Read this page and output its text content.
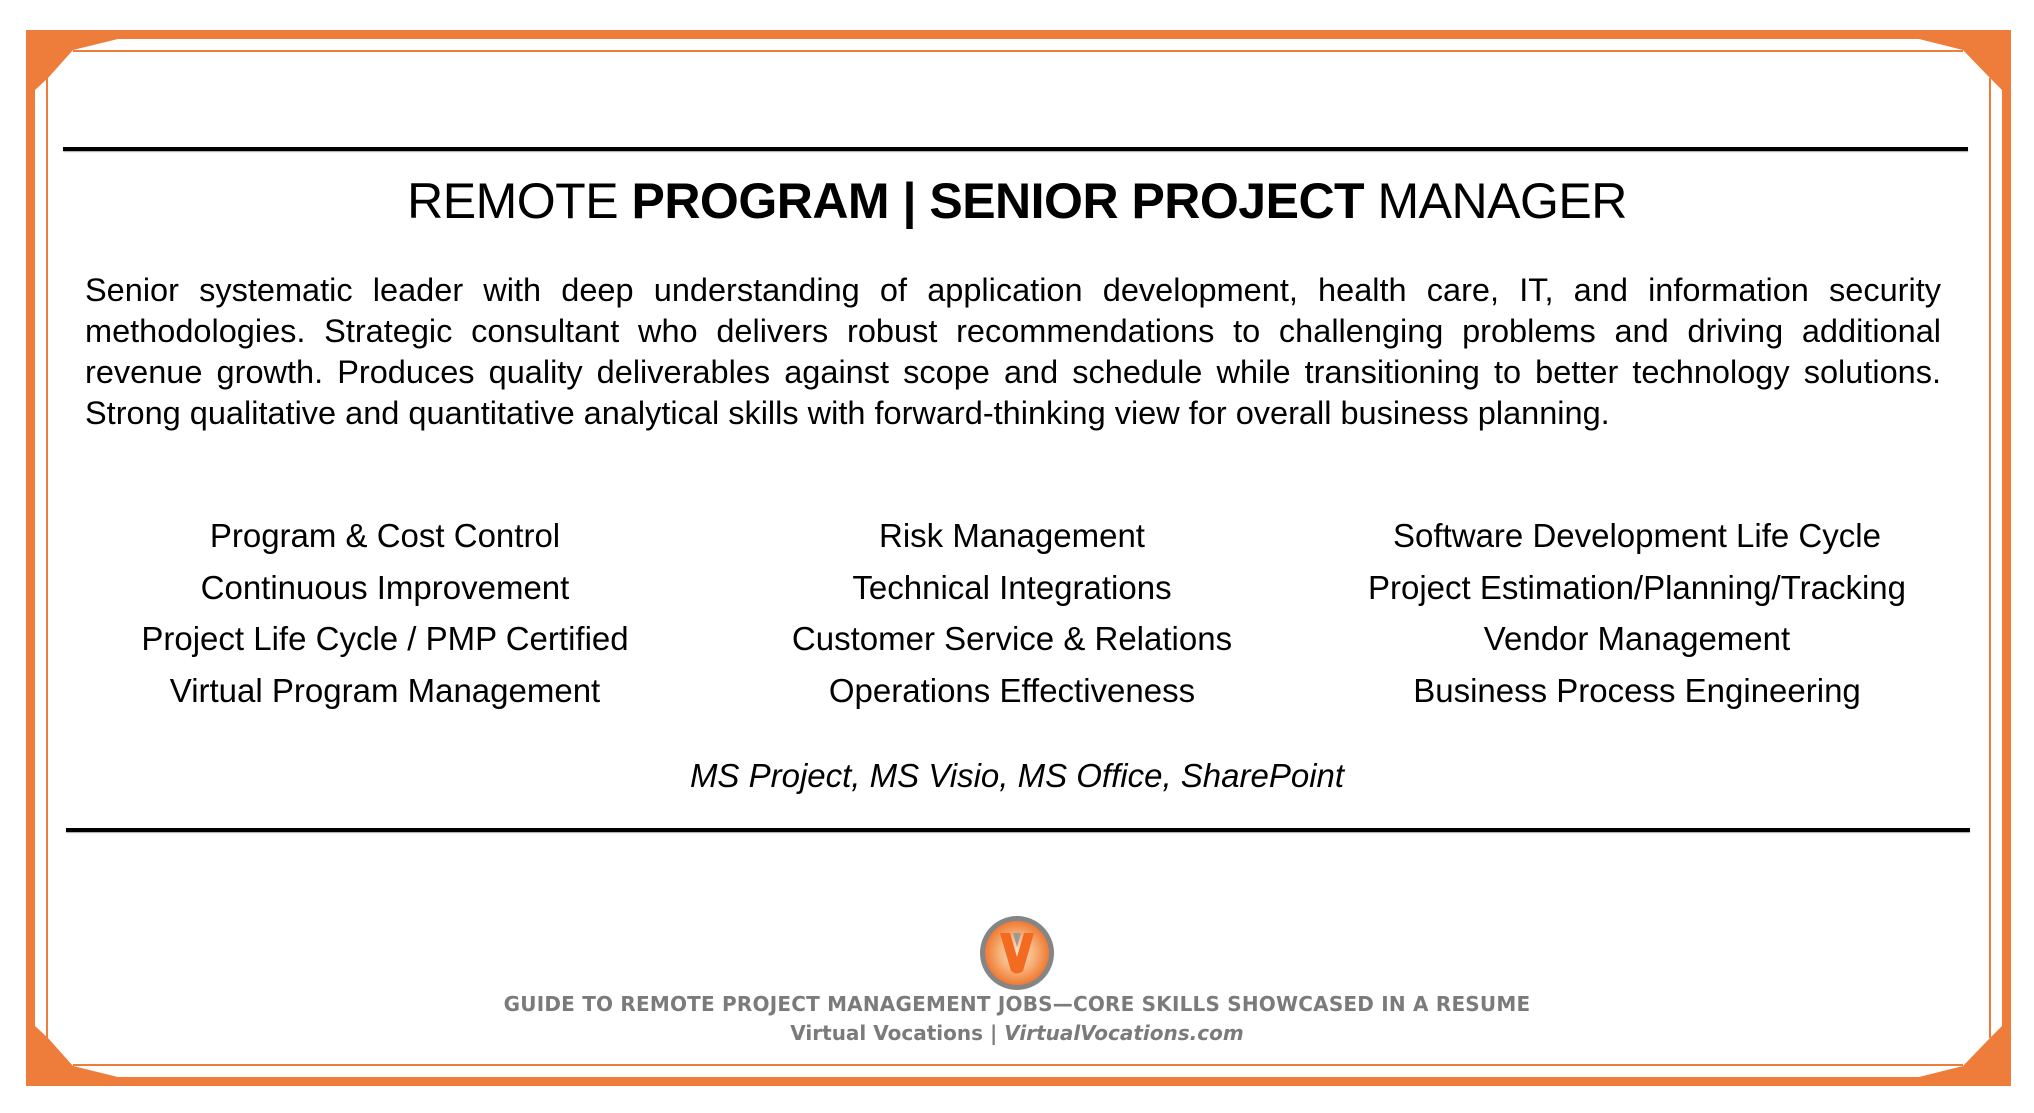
REMOTE PROGRAM | SENIOR PROJECT MANAGER
Senior systematic leader with deep understanding of application development, health care, IT, and information security methodologies. Strategic consultant who delivers robust recommendations to challenging problems and driving additional revenue growth. Produces quality deliverables against scope and schedule while transitioning to better technology solutions. Strong qualitative and quantitative analytical skills with forward-thinking view for overall business planning.
Program & Cost Control
Continuous Improvement
Project Life Cycle / PMP Certified
Virtual Program Management
Risk Management
Technical Integrations
Customer Service & Relations
Operations Effectiveness
Software Development Life Cycle
Project Estimation/Planning/Tracking
Vendor Management
Business Process Engineering
MS Project, MS Visio, MS Office, SharePoint
GUIDE TO REMOTE PROJECT MANAGEMENT JOBS—CORE SKILLS SHOWCASED IN A RESUME
Virtual Vocations | VirtualVocations.com
